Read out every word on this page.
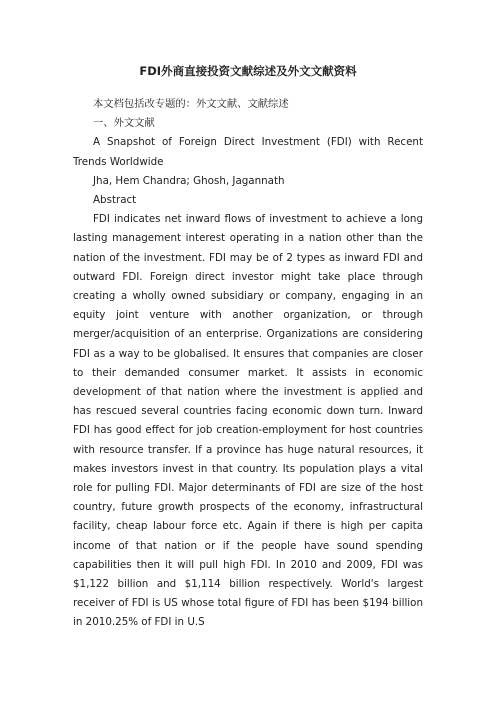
FDI外商直接投资文献综述及外文文献资料

本文档包括改专题的：外文文献、文献综述

一、外文文献

A Snapshot of Foreign Direct Investment (FDI) with Recent Trends Worldwide

Jha, Hem Chandra; Ghosh, Jagannath

Abstract

FDI indicates net inward flows of investment to achieve a long lasting management interest operating in a nation other than the nation of the investment. FDI may be of 2 types as inward FDI and outward FDI. Foreign direct investor might take place through creating a wholly owned subsidiary or company, engaging in an equity joint venture with another organization, or through merger/acquisition of an enterprise. Organizations are considering FDI as a way to be globalised. It ensures that companies are closer to their demanded consumer market. It assists in economic development of that nation where the investment is applied and has rescued several countries facing economic down turn. Inward FDI has good effect for job creation-employment for host countries with resource transfer. If a province has huge natural resources, it makes investors invest in that country. Its population plays a vital role for pulling FDI. Major determinants of FDI are size of the host country, future growth prospects of the economy, infrastructural facility, cheap labour force etc. Again if there is high per capita income of that nation or if the people have sound spending capabilities then it will pull high FDI. In 2010 and 2009, FDI was $1,122 billion and $1,114 billion respectively. World's largest receiver of FDI is US whose total figure of FDI has been $194 billion in 2010.25% of FDI in U.S
